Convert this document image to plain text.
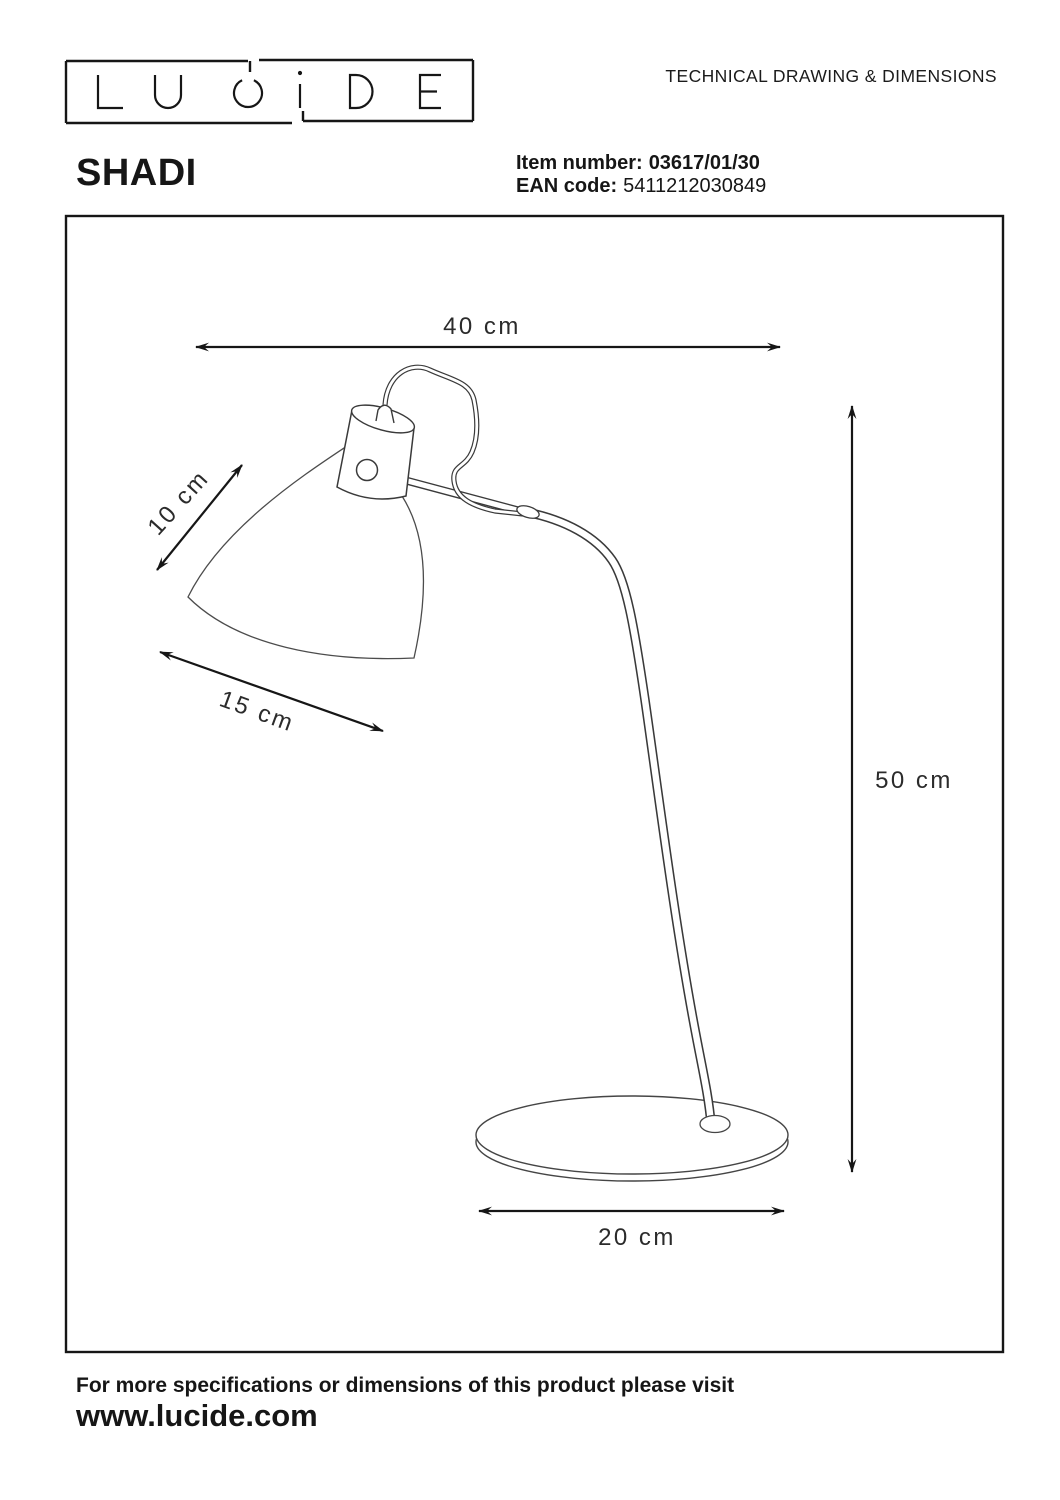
TECHNICAL DRAWING & DIMENSIONS
SHADI	Item number: 03617/01/30
EAN code: 5411212030849
40 cm
10 cm
15 cm
50 cm
20 cm
For more specifications or dimensions of this product please visit
www.lucide.com
